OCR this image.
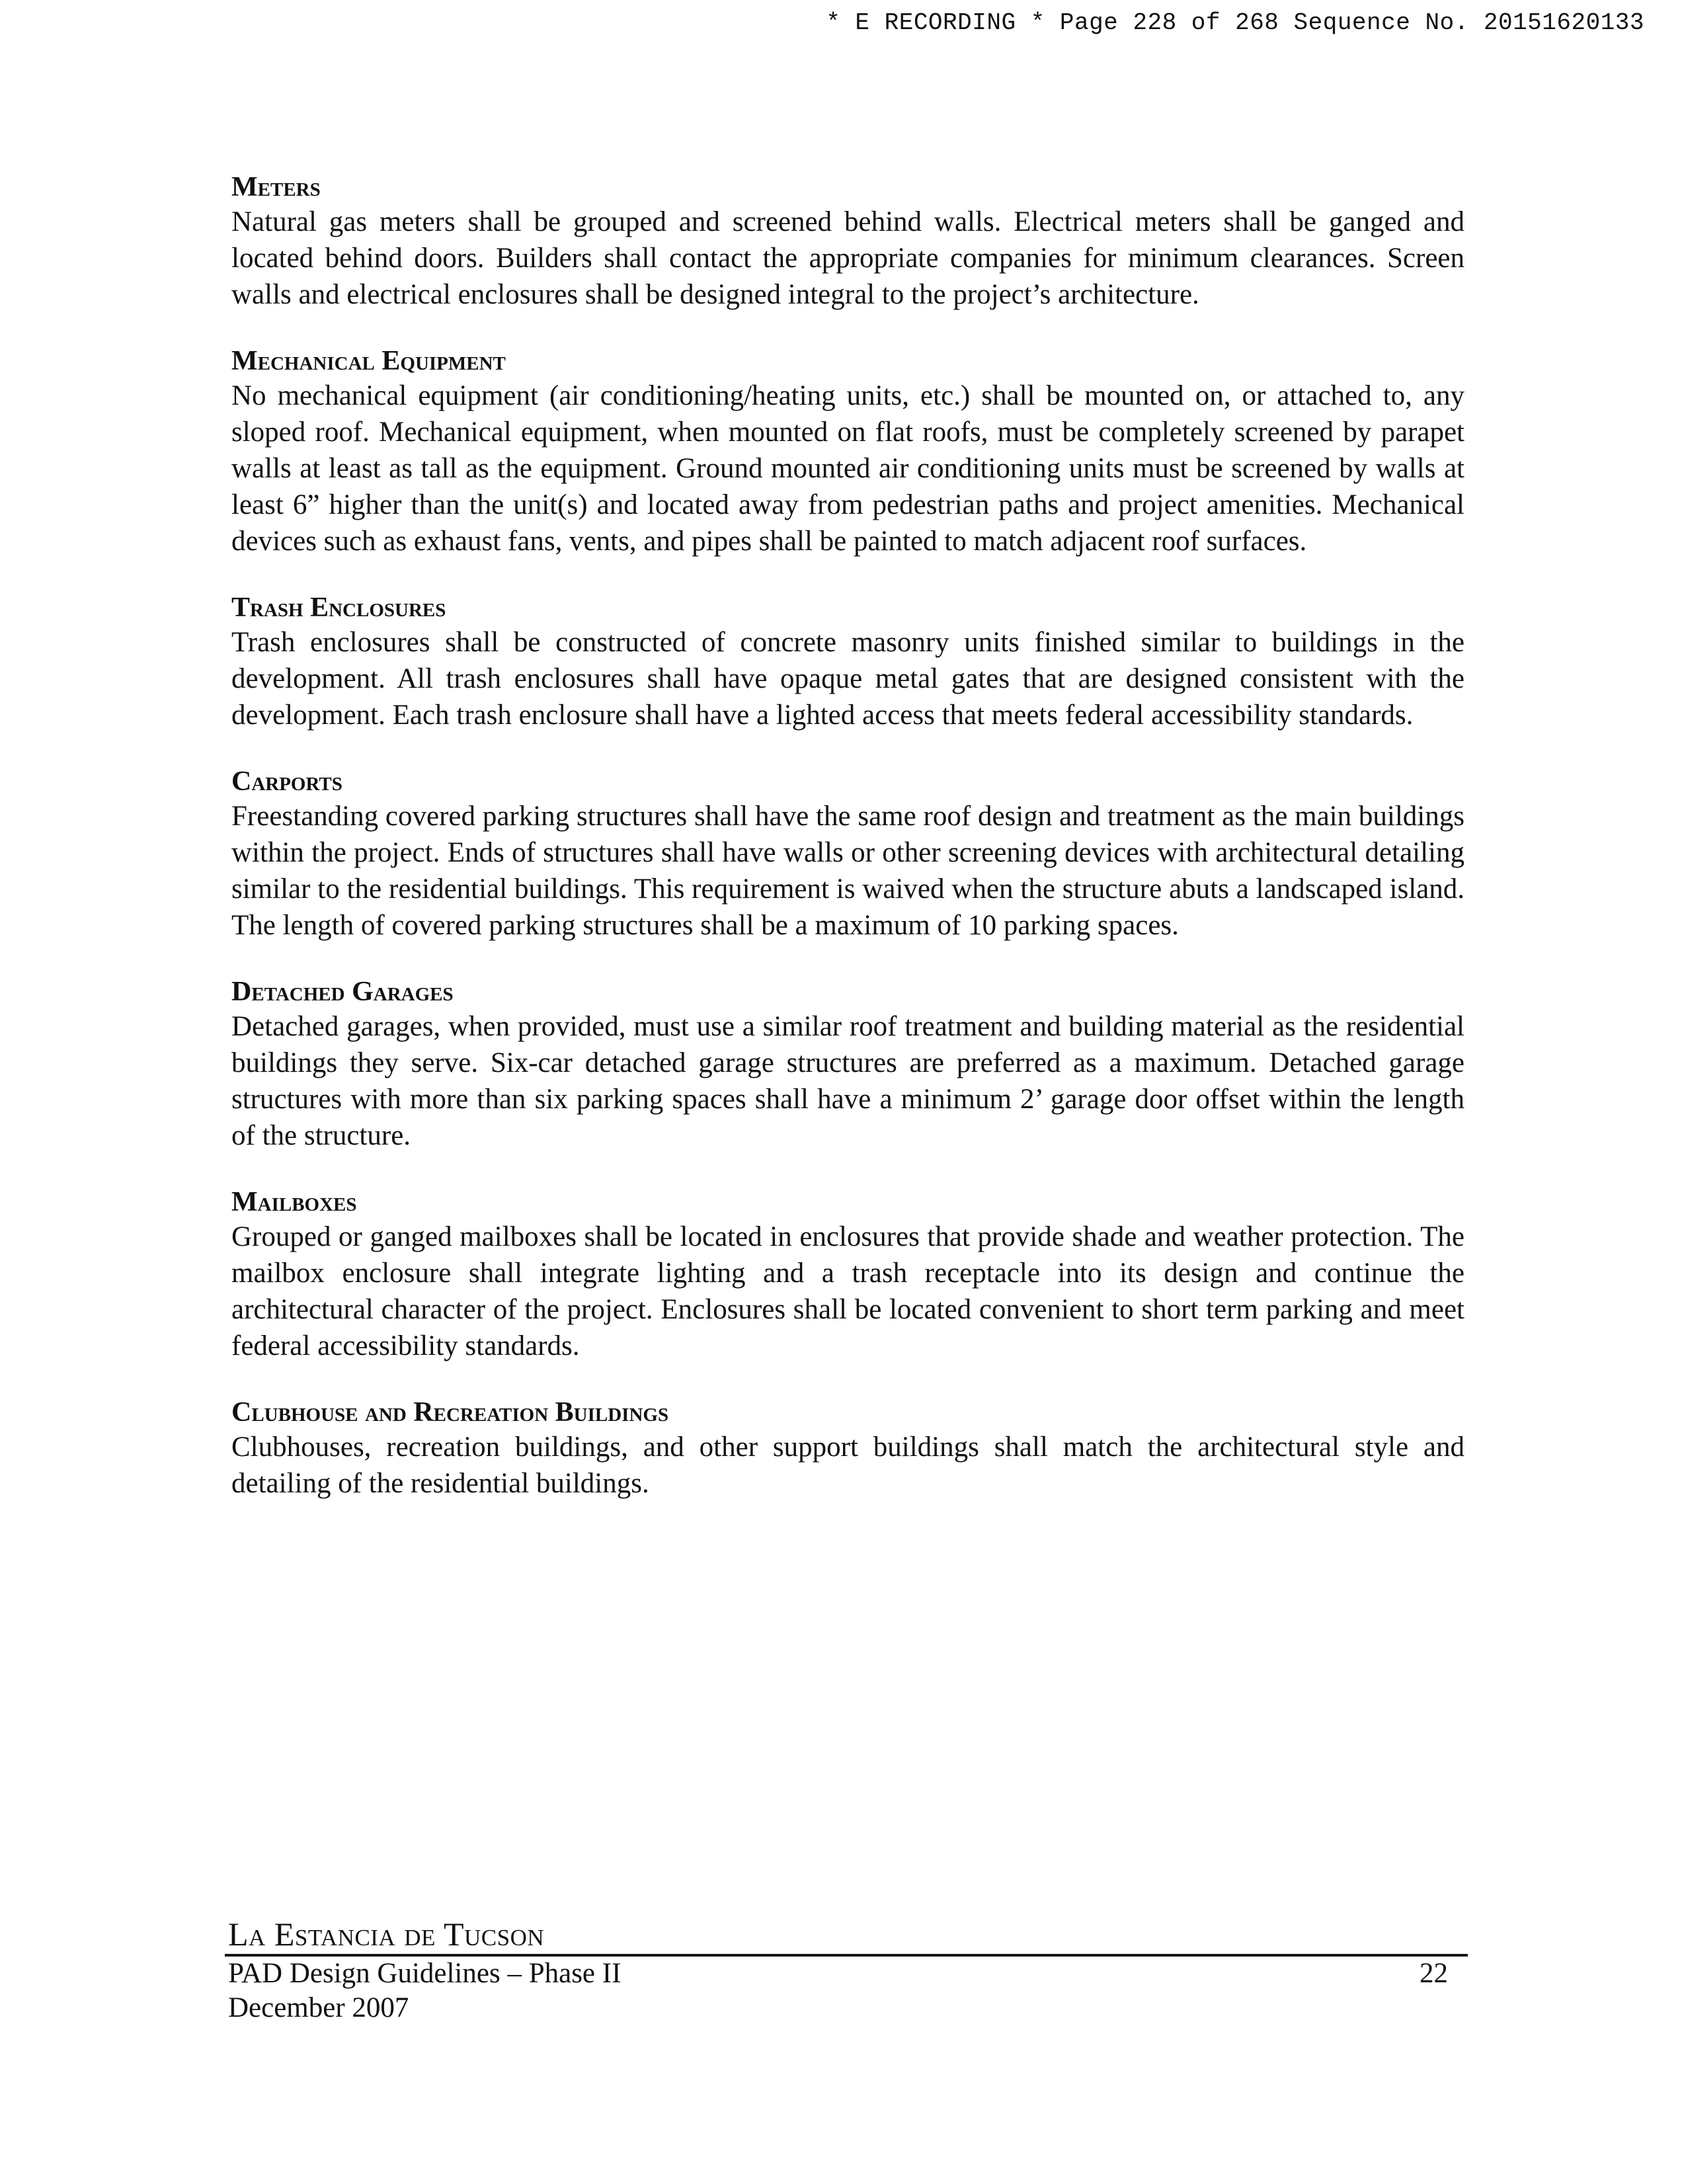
* E RECORDING * Page 228 of 268 Sequence No. 20151620133
Meters

Natural gas meters shall be grouped and screened behind walls. Electrical meters shall be ganged and located behind doors. Builders shall contact the appropriate companies for minimum clearances. Screen walls and electrical enclosures shall be designed integral to the project’s architecture.

Mechanical Equipment

No mechanical equipment (air conditioning/heating units, etc.) shall be mounted on, or attached to, any sloped roof. Mechanical equipment, when mounted on flat roofs, must be completely screened by parapet walls at least as tall as the equipment. Ground mounted air conditioning units must be screened by walls at least 6” higher than the unit(s) and located away from pedestrian paths and project amenities. Mechanical devices such as exhaust fans, vents, and pipes shall be painted to match adjacent roof surfaces.

Trash Enclosures

Trash enclosures shall be constructed of concrete masonry units finished similar to buildings in the development. All trash enclosures shall have opaque metal gates that are designed consistent with the development. Each trash enclosure shall have a lighted access that meets federal accessibility standards.

Carports

Freestanding covered parking structures shall have the same roof design and treatment as the main buildings within the project. Ends of structures shall have walls or other screening devices with architectural detailing similar to the residential buildings. This requirement is waived when the structure abuts a landscaped island. The length of covered parking structures shall be a maximum of 10 parking spaces.

Detached Garages

Detached garages, when provided, must use a similar roof treatment and building material as the residential buildings they serve. Six-car detached garage structures are preferred as a maximum. Detached garage structures with more than six parking spaces shall have a minimum 2’ garage door offset within the length of the structure.

Mailboxes

Grouped or ganged mailboxes shall be located in enclosures that provide shade and weather protection. The mailbox enclosure shall integrate lighting and a trash receptacle into its design and continue the architectural character of the project. Enclosures shall be located convenient to short term parking and meet federal accessibility standards.

Clubhouse and Recreation Buildings

Clubhouses, recreation buildings, and other support buildings shall match the architectural style and detailing of the residential buildings.

La Estancia de Tucson
PAD Design Guidelines – Phase II	22
December 2007
